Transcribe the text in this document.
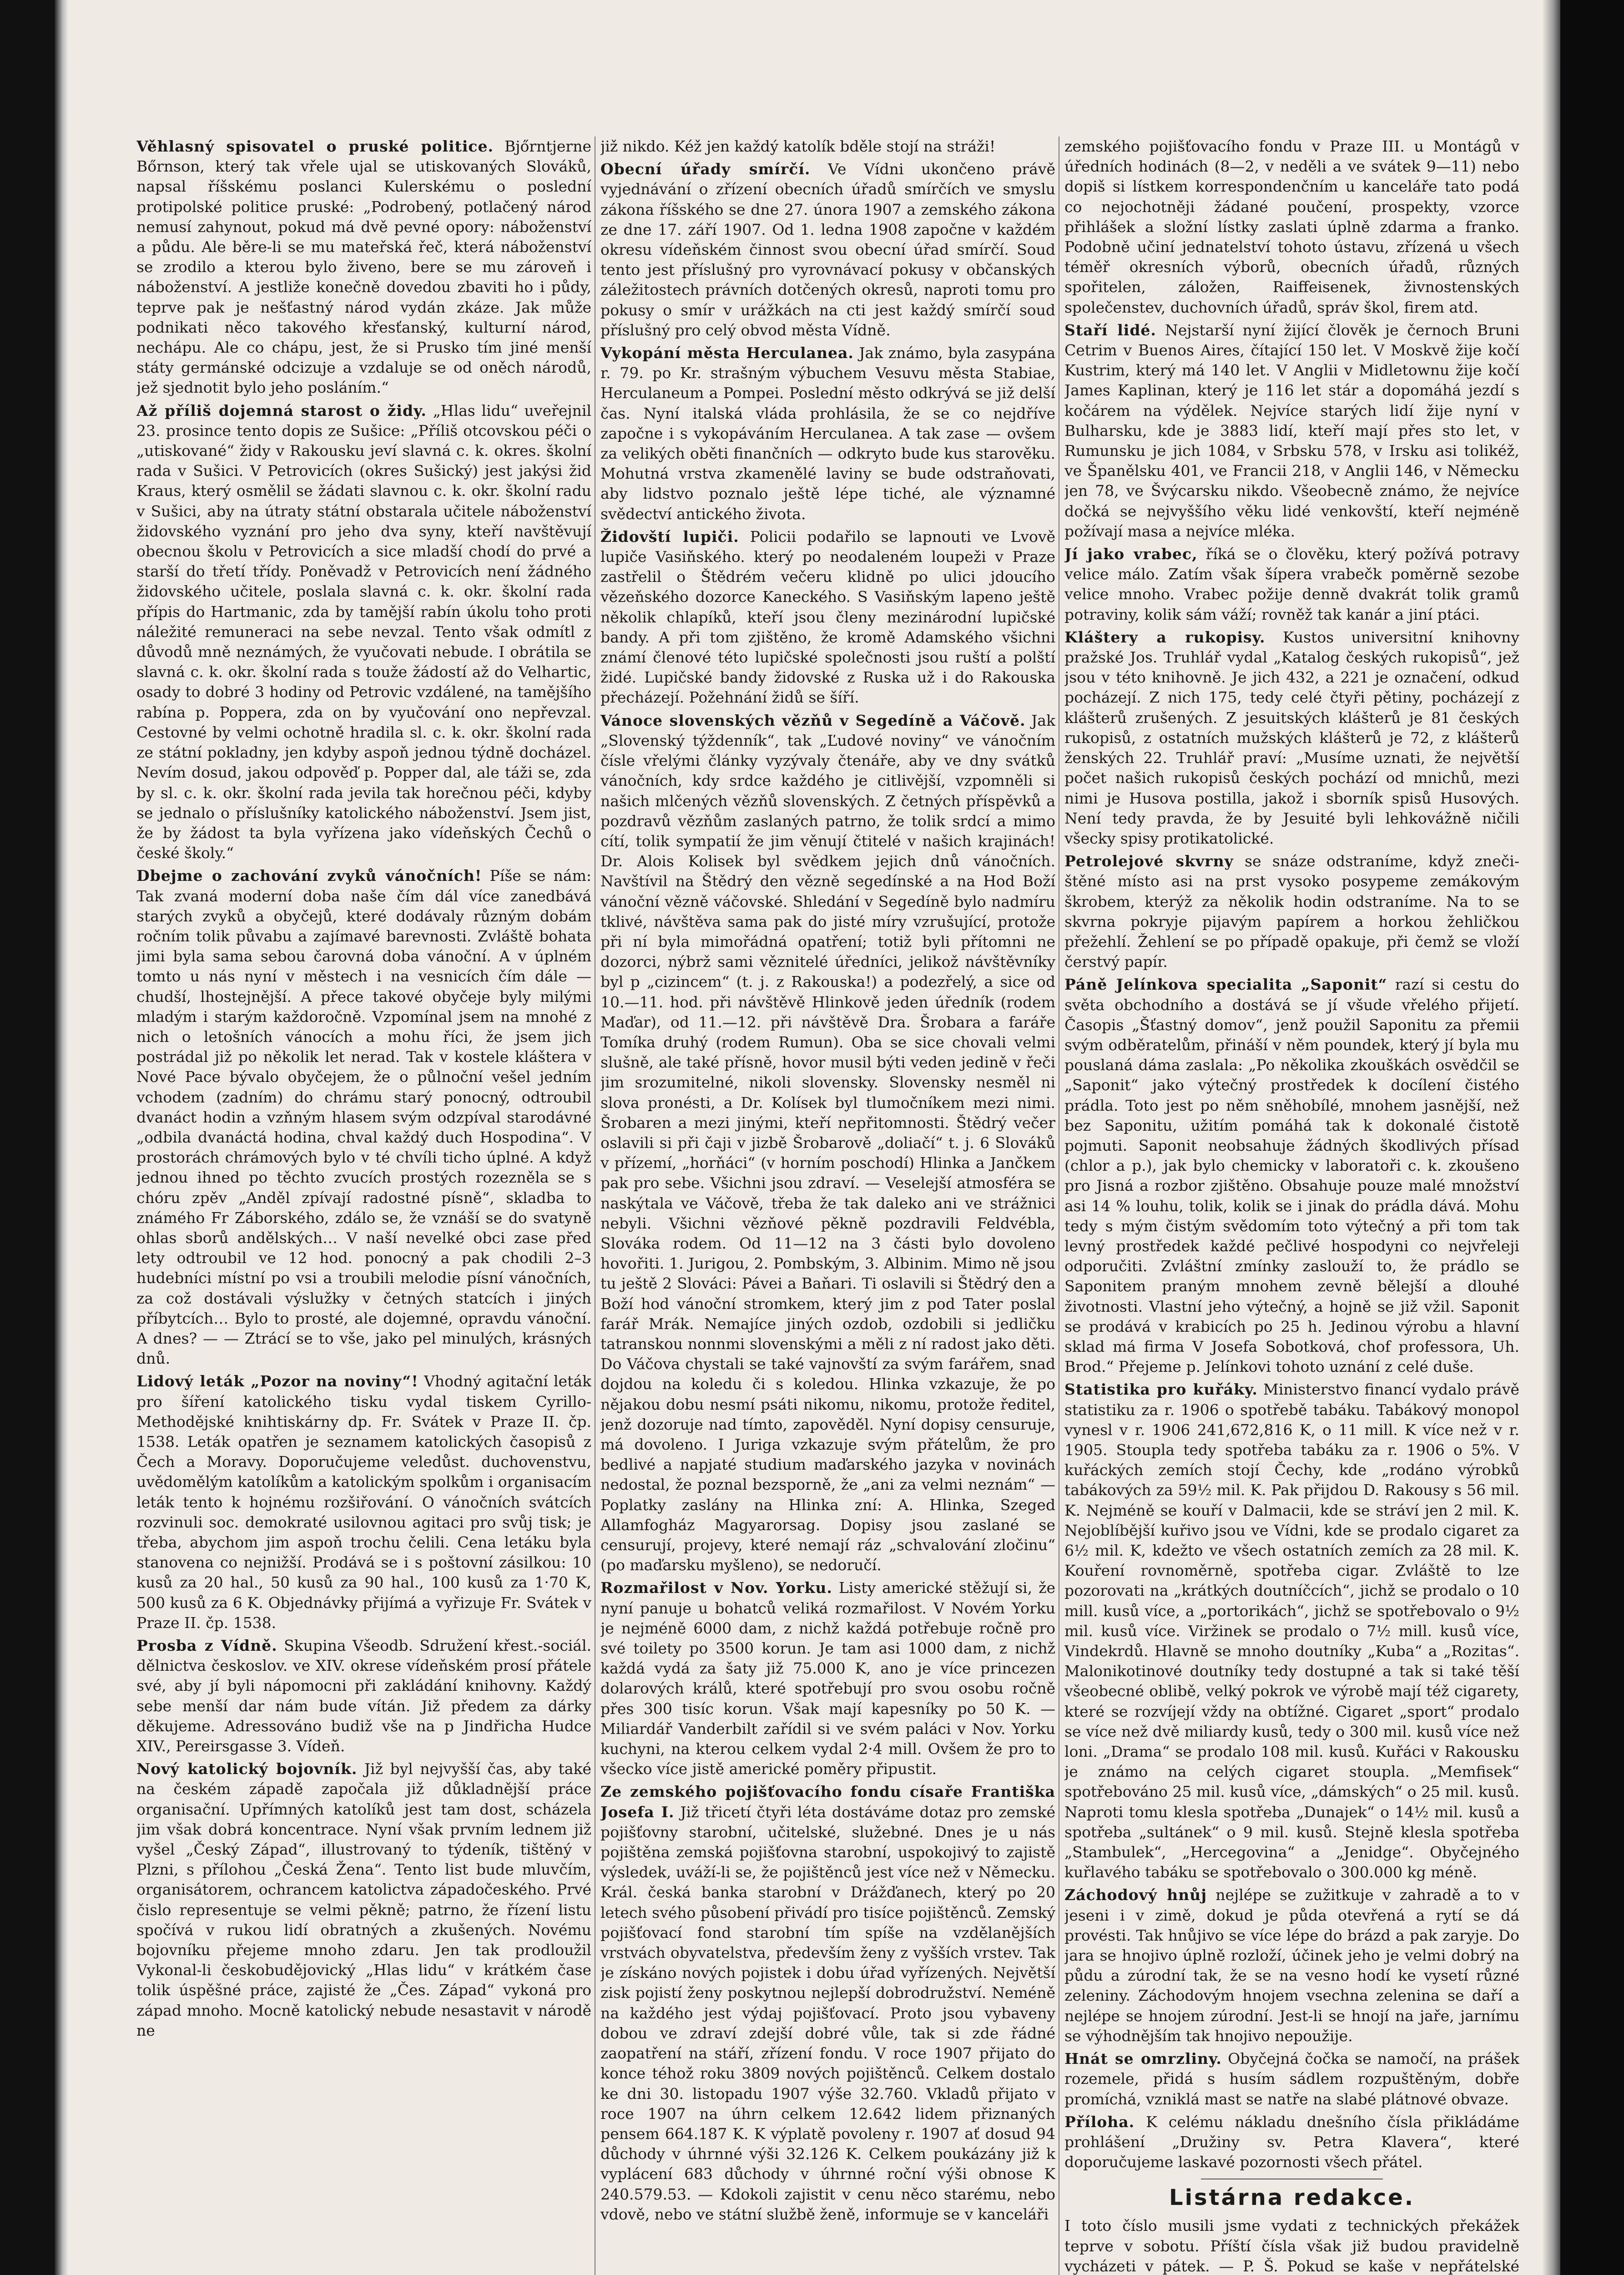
Věhlasný spisovatel o pruské politice. Bjőrntjerne Bőrnson, který tak vřele ujal se utiskovaných Slováků, napsal říšskému poslanci Kulerskému o poslední protipolské politice pruské: „Podrobený, potlačený národ nemusí zahynout, pokud má dvě pevné opory: náboženství a půdu. Ale běre-li se mu mateřská řeč, která náboženství se zrodilo a kterou bylo živeno, bere se mu zároveň i náboženství. A jestliže konečně dovedou zbaviti ho i půdy, teprve pak je nešťastný národ vydán zkáze. Jak může podnikati něco takového křesťanský, kulturní národ, nechápu. Ale co chápu, jest, že si Prusko tím jiné menší státy germánské odcizuje a vzdaluje se od oněch národů, jež sjednotit bylo jeho posláním.“

Až příliš dojemná starost o židy. „Hlas lidu“ uveřejnil 23. prosince tento dopis ze Sušice: „Příliš otcovskou péči o „utiskované“ židy v Rakousku jeví slavná c. k. okres. školní rada v Sušici. V Petrovicích (okres Sušický) jest jakýsi žid Kraus, který osmělil se žádati slavnou c. k. okr. školní radu v Sušici, aby na útraty státní obstarala učitele náboženství židovského vyznání pro jeho dva syny, kteří navštěvují obecnou školu v Petrovicích a sice mladší chodí do prvé a starší do třetí třídy. Poněvadž v Petrovicích není žádného židovského učitele, poslala slavná c. k. okr. školní rada přípis do Hartmanic, zda by tamější rabín úkolu toho proti náležité remuneraci na sebe nevzal. Tento však odmítl z důvodů mně neznámých, že vyučovati nebude. I obrátila se slavná c. k. okr. školní rada s touže žádostí až do Velhartic, osady to dobré 3 hodiny od Petrovic vzdálené, na tamějšího rabína p. Poppera, zda on by vyučování ono nepřevzal. Cestovné by velmi ochotně hradila sl. c. k. okr. školní rada ze státní pokladny, jen kdyby aspoň jednou týdně docházel. Nevím dosud, jakou odpověď p. Popper dal, ale táži se, zda by sl. c. k. okr. školní rada jevila tak horečnou péči, kdyby se jednalo o příslušníky katolického náboženství. Jsem jist, že by žádost ta byla vyřízena jako vídeňských Čechů o české školy.“

Dbejme o zachování zvyků vánočních! Píše se nám: Tak zvaná moderní doba naše čím dál více zanedbává starých zvyků a obyčejů, které dodávaly různým dobám ročním tolik půvabu a zajímavé barevnosti. Zvláště bohata jimi byla sama sebou čarovná doba vánoční. A v úplném tomto u nás nyní v městech i na vesnicích čím dále — chudší, lhostejnější. A přece takové obyčeje byly milými mladým i starým každoročně. Vzpomínal jsem na mnohé z nich o letošních vánocích a mohu říci, že jsem jich postrádal již po několik let nerad. Tak v kostele kláštera v Nové Pace bývalo obyčejem, že o půlnoční vešel jedním vchodem (zadním) do chrámu starý ponocný, odtroubil dvanáct hodin a vzňným hlasem svým odzpíval starodávné „odbila dvanáctá hodina, chval každý duch Hospodina“. V prostorách chrámových bylo v té chvíli ticho úplné. A když jednou ihned po těchto zvucích prostých rozezněla se s chóru zpěv „Anděl zpívají radostné písně“, skladba to známého Fr Záborského, zdálo se, že vznáší se do svatyně ohlas sborů andělských… V naší nevelké obci zase před lety odtroubil ve 12 hod. ponocný a pak chodili 2–3 hudebníci místní po vsi a troubili melodie písní vánočních, za což dostávali výslužky v četných statcích i jiných příbytcích… Bylo to prosté, ale dojemné, opravdu vánoční. A dnes? — — Ztrácí se to vše, jako pel minulých, krásných dnů.

Lidový leták „Pozor na noviny“! Vhodný agitační leták pro šíření katolického tisku vydal tiskem Cyrillo-Methodějské knihtiskárny dp. Fr. Svátek v Praze II. čp. 1538. Leták opatřen je seznamem katolických časopisů z Čech a Moravy. Doporučujeme veledůst. duchovenstvu, uvědomělým katolíkům a katolickým spolkům i organisacím leták tento k hojnému rozšiřování. O vánočních svátcích rozvinuli soc. demokraté usilovnou agitaci pro svůj tisk; je třeba, abychom jim aspoň trochu čelili. Cena letáku byla stanovena co nejnižší. Prodává se i s poštovní zásilkou: 10 kusů za 20 hal., 50 kusů za 90 hal., 100 kusů za 1·70 K, 500 kusů za 6 K. Objednávky přijímá a vyřizuje Fr. Svátek v Praze II. čp. 1538.

Prosba z Vídně. Skupina Všeodb. Sdružení křest.-sociál. dělnictva českoslov. ve XIV. okrese vídeňském prosí přátele své, aby jí byli nápomocni při zakládání knihovny. Každý sebe menší dar nám bude vítán. Již předem za dárky děkujeme. Adressováno budiž vše na p Jindřicha Hudce XIV., Pereirsgasse 3. Vídeň.

Nový katolický bojovník. Již byl nejvyšší čas, aby také na českém západě započala již důkladnější práce organisační. Upřímných katolíků jest tam dost, scházela jim však dobrá koncentrace. Nyní však prvním lednem již vyšel „Český Západ“, illustrovaný to týdeník, tištěný v Plzni, s přílohou „Česká Žena“. Tento list bude mluvčím, organisátorem, ochrancem katolictva západočeského. Prvé čislo representuje se velmi pěkně; patrno, že řízení listu spočívá v rukou lidí obratných a zkušených. Novému bojovníku přejeme mnoho zdaru. Jen tak prodloužil Vykonal-li českobudějovický „Hlas lidu“ v krátkém čase tolik úspěšné práce, zajisté že „Čes. Západ“ vykoná pro západ mnoho. Mocně katolický nebude nesastavit v národě ne

již nikdo. Kéž jen každý katolík bděle stojí na stráži!

Obecní úřady smírčí. Ve Vídni ukončeno právě vyjednávání o zřízení obecních úřadů smírčích ve smyslu zákona říšského se dne 27. února 1907 a zemského zákona ze dne 17. září 1907. Od 1. ledna 1908 započne v každém okresu vídeňském činnost svou obecní úřad smírčí. Soud tento jest příslušný pro vyrovnávací pokusy v občanských záležitostech právních dotčených okresů, naproti tomu pro pokusy o smír v urážkách na cti jest každý smírčí soud příslušný pro celý obvod města Vídně.

Vykopání města Herculanea. Jak známo, byla zasypána r. 79. po Kr. strašným výbuchem Vesuvu města Stabiae, Herculaneum a Pompei. Poslední město odkrývá se již delší čas. Nyní italská vláda prohlásila, že se co nejdříve započne i s vykopáváním Herculanea. A tak zase — ovšem za velikých oběti finančních — odkryto bude kus starověku. Mohutná vrstva zkamenělé laviny se bude odstraňovati, aby lidstvo poznalo ještě lépe tiché, ale významné svědectví antického života.

Židovští lupiči. Policii podařilo se lapnouti ve Lvově lupiče Vasiňského. který po neodaleném loupeži v Praze zastřelil o Štědrém večeru klidně po ulici jdoucího vězeňského dozorce Kaneckého. S Vasiňským lapeno ještě několik chlapíků, kteří jsou členy mezinárodní lupičské bandy. A při tom zjištěno, že kromě Adamského všichni známí členové této lupičské společnosti jsou ruští a polští židé. Lupičské bandy židovské z Ruska už i do Rakouska přecházejí. Požehnání židů se šíří.

Vánoce slovenských vězňů v Segedíně a Váčově. Jak „Slovenský týždenník“, tak „Ľudové noviny“ ve vánočním čísle vřelými články vyzývaly čtenáře, aby ve dny svátků vánočních, kdy srdce každého je citlivější, vzpomněli si našich mlčených vězňů slovenských. Z četných příspěvků a pozdravů vězňům zaslaných patrno, že tolik srdcí a mimo cítí, tolik sympatií že jim věnují čtitelé v našich krajinách! Dr. Alois Kolisek byl svědkem jejich dnů vánočních. Navštívil na Štědrý den vězně segedínské a na Hod Boží vánoční vězně váčovské. Shledání v Segedíně bylo nadmíru tklivé, návštěva sama pak do jisté míry vzrušující, protože při ní byla mimořádná opatření; totiž byli přítomni ne dozorci, nýbrž sami věznitelé úředníci, jelikož návštěvníky byl p „cizincem“ (t. j. z Rakouska!) a podezřelý, a sice od 10.—11. hod. při návštěvě Hlinkově jeden úředník (rodem Maďar), od 11.—12. při návštěvě Dra. Šrobara a faráře Tomíka druhý (rodem Rumun). Oba se sice chovali velmi slušně, ale také přísně, hovor musil býti veden jedině v řeči jim srozumitelné, nikoli slovensky. Slovensky nesměl ni slova pronésti, a Dr. Kolísek byl tlumočníkem mezi nimi. Šrobaren a mezi jinými, kteří nepřitomnosti. Štědrý večer oslavili si při čaji v jizbě Šrobarově „doliačí“ t. j. 6 Slováků v přízemí, „horňáci“ (v horním poschodí) Hlinka a Jančkem pak pro sebe. Všichni jsou zdraví. — Veselejší atmosféra se naskýtala ve Váčově, třeba že tak daleko ani ve strážnici nebyli. Všichni vězňové pěkně pozdravili Feldvébla, Slováka rodem. Od 11—12 na 3 části bylo dovoleno hovořiti. 1. Jurigou, 2. Pombským, 3. Albinim. Mimo ně jsou tu ještě 2 Slováci: Pávei a Baňari. Ti oslavili si Štědrý den a Boží hod vánoční stromkem, který jim z pod Tater poslal farář Mrák. Nemajíce jiných ozdob, ozdobili si jedličku tatranskou nonnmi slovenskými a měli z ní radost jako děti. Do Váčova chystali se také vajnovští za svým farářem, snad dojdou na koledu či s koledou. Hlinka vzkazuje, že po nějakou dobu nesmí psáti nikomu, nikomu, protože ředitel, jenž dozoruje nad tímto, zapověděl. Nyní dopisy censuruje, má dovoleno. I Juriga vzkazuje svým přátelům, že pro bedlivé a napjaté studium maďarského jazyka v novinách nedostal, že poznal bezsporně, že „ani za velmi neznám“ — Poplatky zaslány na Hlinka zní: A. Hlinka, Szeged Allamfogház Magyarorsag. Dopisy jsou zaslané se censurují, projevy, které nemají ráz „schvalování zločinu“ (po maďarsku myšleno), se nedoručí.

Rozmařilost v Nov. Yorku. Listy americké stěžují si, že nyní panuje u bohatců veliká rozmařilost. V Novém Yorku je nejméně 6000 dam, z nichž každá potřebuje ročně pro své toilety po 3500 korun. Je tam asi 1000 dam, z nichž každá vydá za šaty již 75.000 K, ano je více princezen dolarových králů, které spotřebují pro svou osobu ročně přes 300 tisíc korun. Však mají kapesníky po 50 K. — Miliardář Vanderbilt zařídil si ve svém paláci v Nov. Yorku kuchyni, na kterou celkem vydal 2·4 mill. Ovšem že pro to všecko více jistě americké poměry připustit.

Ze zemského pojišťovacího fondu císaře Františka Josefa I. Již třicetí čtyři léta dostáváme dotaz pro zemské pojišťovny starobní, učitelské, služebné. Dnes je u nás pojištěna zemská pojišťovna starobní, uspokojivý to zajistě výsledek, uváží-li se, že pojištěnců jest více než v Německu. Král. česká banka starobní v Drážďanech, který po 20 letech svého působení přivádí pro tisíce pojištěnců. Zemský pojišťovací fond starobní tím spíše na vzdělanějších vrstvách obyvatelstva, především ženy z vyšších vrstev. Tak je získáno nových pojistek i dobu úřad vyřízených. Největší zisk pojistí ženy poskytnou nejlepší dobrodružství. Neméně na každého jest výdaj pojišťovací. Proto jsou vybaveny dobou ve zdraví zdejší dobré vůle, tak si zde řádné zaopatření na stáří, zřízení fondu. V roce 1907 přijato do konce téhož roku 3809 nových pojištěnců. Celkem dostalo ke dni 30. listopadu 1907 výše 32.760. Vkladů přijato v roce 1907 na úhrn celkem 12.642 lidem přiznaných pensem 664.187 K. K výplatě povoleny r. 1907 ať dosud 94 důchody v úhrnné výši 32.126 K. Celkem poukázány již k vyplácení 683 důchody v úhrnné roční výši obnose K 240.579.53. — Kdokoli zajistit v cenu něco starému, nebo vdově, nebo ve státní službě ženě, informuje se v kanceláři

zemského pojišťovacího fondu v Praze III. u Montágů v úředních hodinách (8—2, v neděli a ve svátek 9—11) nebo dopiš si lístkem korrespondenčním u kanceláře tato podá co nejochotněji žádané poučení, prospekty, vzorce přihlášek a složní lístky zaslati úplně zdarma a franko. Podobně učiní jednatelství tohoto ústavu, zřízená u všech téměř okresních výborů, obecních úřadů, různých spořitelen, záložen, Raiffeisenek, živnostenských společenstev, duchovních úřadů, správ škol, firem atd.

Staří lidé. Nejstarší nyní žijící člověk je černoch Bruni Cetrim v Buenos Aires, čítající 150 let. V Moskvě žije kočí Kustrim, který má 140 let. V Anglii v Midletownu žije kočí James Kaplinan, který je 116 let stár a dopomáhá jezdí s kočárem na výdělek. Nejvíce starých lidí žije nyní v Bulharsku, kde je 3883 lidí, kteří mají přes sto let, v Rumunsku je jich 1084, v Srbsku 578, v Irsku asi tolikéž, ve Španělsku 401, ve Francii 218, v Anglii 146, v Německu jen 78, ve Švýcarsku nikdo. Všeobecně známo, že nejvíce dočká se nejvyššího věku lidé venkovští, kteří nejméně požívají masa a nejvíce mléka.

Jí jako vrabec, říká se o člověku, který požívá potravy velice málo. Zatím však šípera vrabečk poměrně sezobe velice mnoho. Vrabec požije denně dvakrát tolik gramů potraviny, kolik sám váží; rovněž tak kanár a jiní ptáci.

Kláštery a rukopisy. Kustos universitní knihovny pražské Jos. Truhlář vydal „Katalog českých rukopisů“, jež jsou v této knihovně. Je jich 432, a 221 je označení, odkud pocházejí. Z nich 175, tedy celé čtyři pětiny, pocházejí z klášterů zrušených. Z jesuitských klášterů je 81 českých rukopisů, z ostatních mužských klášterů je 72, z klášterů ženských 22. Truhlář praví: „Musíme uznati, že největší počet našich rukopisů českých pochází od mnichů, mezi nimi je Husova postilla, jakož i sborník spisů Husových. Není tedy pravda, že by Jesuité byli lehkovážně ničili všecky spisy protikatolické.

Petrolejové skvrny se snáze odstraníme, když zneči-štěné místo asi na prst vysoko posypeme zemákovým škrobem, kterýž za několik hodin odstraníme. Na to se skvrna pokryje pijavým papírem a horkou žehličkou přežehlí. Žehlení se po případě opakuje, při čemž se vloží čerstvý papír.

Páně Jelínkova specialita „Saponit“ razí si cestu do světa obchodního a dostává se jí všude vřelého přijetí. Časopis „Šťastný domov“, jenž použil Saponitu za přemii svým odběratelům, přináší v něm poundek, který jí byla mu pouslaná dáma zaslala: „Po několika zkouškách osvědčil se „Saponit“ jako výtečný prostředek k docílení čistého prádla. Toto jest po něm sněhobílé, mnohem jasnější, než bez Saponitu, užitím pomáhá tak k dokonalé čistotě pojmuti. Saponit neobsahuje žádných škodlivých přísad (chlor a p.), jak bylo chemicky v laboratoři c. k. zkoušeno pro Jisná a rozbor zjištěno. Obsahuje pouze malé množství asi 14 % louhu, tolik, kolik se i jinak do prádla dává. Mohu tedy s mým čistým svědomím toto výtečný a při tom tak levný prostředek každé pečlivé hospodyni co nejvřeleji odporučiti. Zvláštní zmínky zaslouží to, že prádlo se Saponitem praným mnohem zevně bělejší a dlouhé životnosti. Vlastní jeho výtečný, a hojně se již vžil. Saponit se prodává v krabicích po 25 h. Jedinou výrobu a hlavní sklad má firma V Josefa Sobotková, chof professora, Uh. Brod.“ Přejeme p. Jelínkovi tohoto uznání z celé duše.

Statistika pro kuřáky. Ministerstvo financí vydalo právě statistiku za r. 1906 o spotřebě tabáku. Tabákový monopol vynesl v r. 1906 241,672,816 K, o 11 mill. K více než v r. 1905. Stoupla tedy spotřeba tabáku za r. 1906 o 5%. V kuřáckých zemích stojí Čechy, kde „rodáno výrobků tabákových za 59½ mil. K. Pak přijdou D. Rakousy s 56 mil. K. Nejméně se kouří v Dalmacii, kde se stráví jen 2 mil. K. Nejoblíbější kuřivo jsou ve Vídni, kde se prodalo cigaret za 6½ mil. K, kdežto ve všech ostatních zemích za 28 mil. K. Kouření rovnoměrně, spotřeba cigar. Zvláště to lze pozorovati na „krátkých doutníčcích“, jichž se prodalo o 10 mill. kusů více, a „portorikách“, jichž se spotřebovalo o 9½ mil. kusů více. Viržinek se prodalo o 7½ mill. kusů více, Vindekrdů. Hlavně se mnoho doutníky „Kuba“ a „Rozitas“. Malonikotinové doutníky tedy dostupné a tak si také těší všeobecné oblibě, velký pokrok ve výrobě mají též cigarety, které se rozvíjejí vždy na obtížné. Cigaret „sport“ prodalo se více než dvě miliardy kusů, tedy o 300 mil. kusů více než loni. „Drama“ se prodalo 108 mil. kusů. Kuřáci v Rakousku je známo na celých cigaret stoupla. „Memfisek“ spotřebováno 25 mil. kusů více, „dámských“ o 25 mil. kusů. Naproti tomu klesla spotřeba „Dunajek“ o 14½ mil. kusů a spotřeba „sultánek“ o 9 mil. kusů. Stejně klesla spotřeba „Stambulek“, „Hercegovina“ a „Jenidge“. Obyčejného kuřlavého tabáku se spotřebovalo o 300.000 kg méně.

Záchodový hnůj nejlépe se zužitkuje v zahradě a to v jeseni i v zimě, dokud je půda otevřená a rytí se dá provésti. Tak hnůjivo se více lépe do brázd a pak zaryje. Do jara se hnojivo úplně rozloží, účinek jeho je velmi dobrý na půdu a zúrodní tak, že se na vesno hodí ke vysetí různé zeleniny. Záchodovým hnojem vsechna zelenina se daří a nejlépe se hnojem zúrodní. Jest-li se hnojí na jaře, jarnímu se výhodnějším tak hnojivo nepoužije.

Hnát se omrzliny. Obyčejná čočka se namočí, na prášek rozemele, přidá s husím sádlem rozpuštěným, dobře promíchá, vzniklá mast se natře na slabé plátnové obvaze.

Příloha. K celému nákladu dnešního čísla přikládáme prohlášení „Družiny sv. Petra Klavera“, které doporučujeme laskavé pozornosti všech přátel.

Listárna redakce.

I toto číslo musili jsme vydati z technických překážek teprve v sobotu. Příští čísla však již budou pravidelně vycházeti v pátek. — P. Š. Pokud se kaše v nepřátelské
